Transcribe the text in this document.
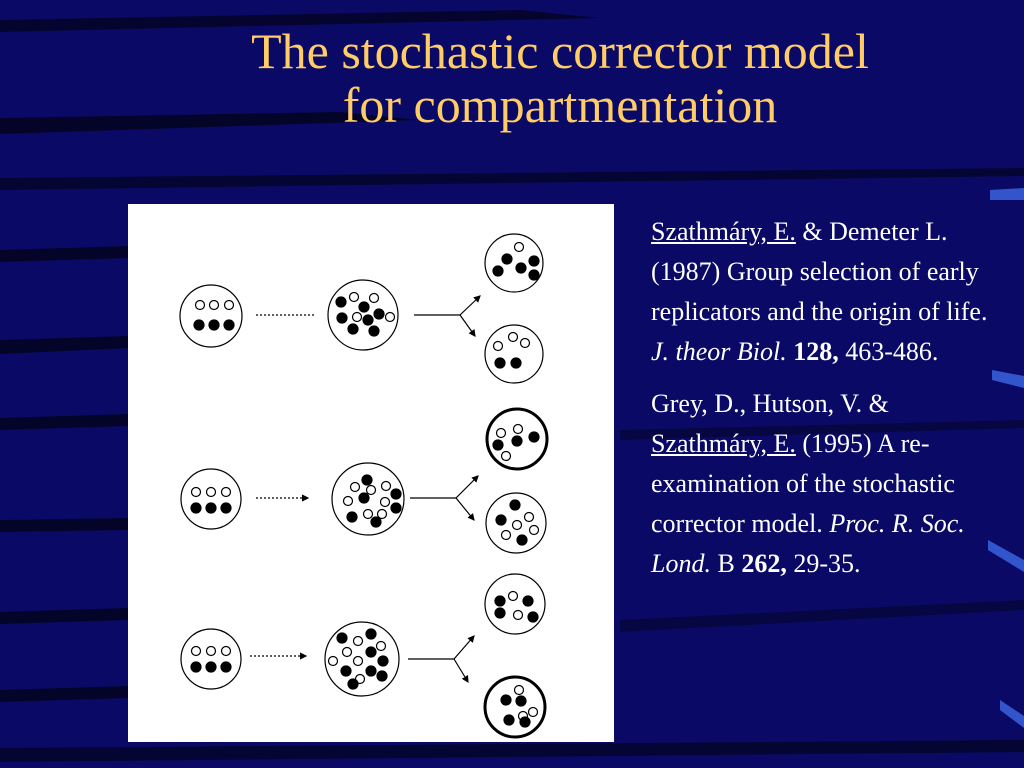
The stochastic corrector model
for compartmentation
Szathmáry, E. & Demeter L. (1987) Group selection of early replicators and the origin of life. J. theor Biol. 128, 463-486.
Grey, D., Hutson, V. & Szathmáry, E. (1995) A re-examination of the stochastic corrector model. Proc. R. Soc. Lond. B 262, 29-35.
